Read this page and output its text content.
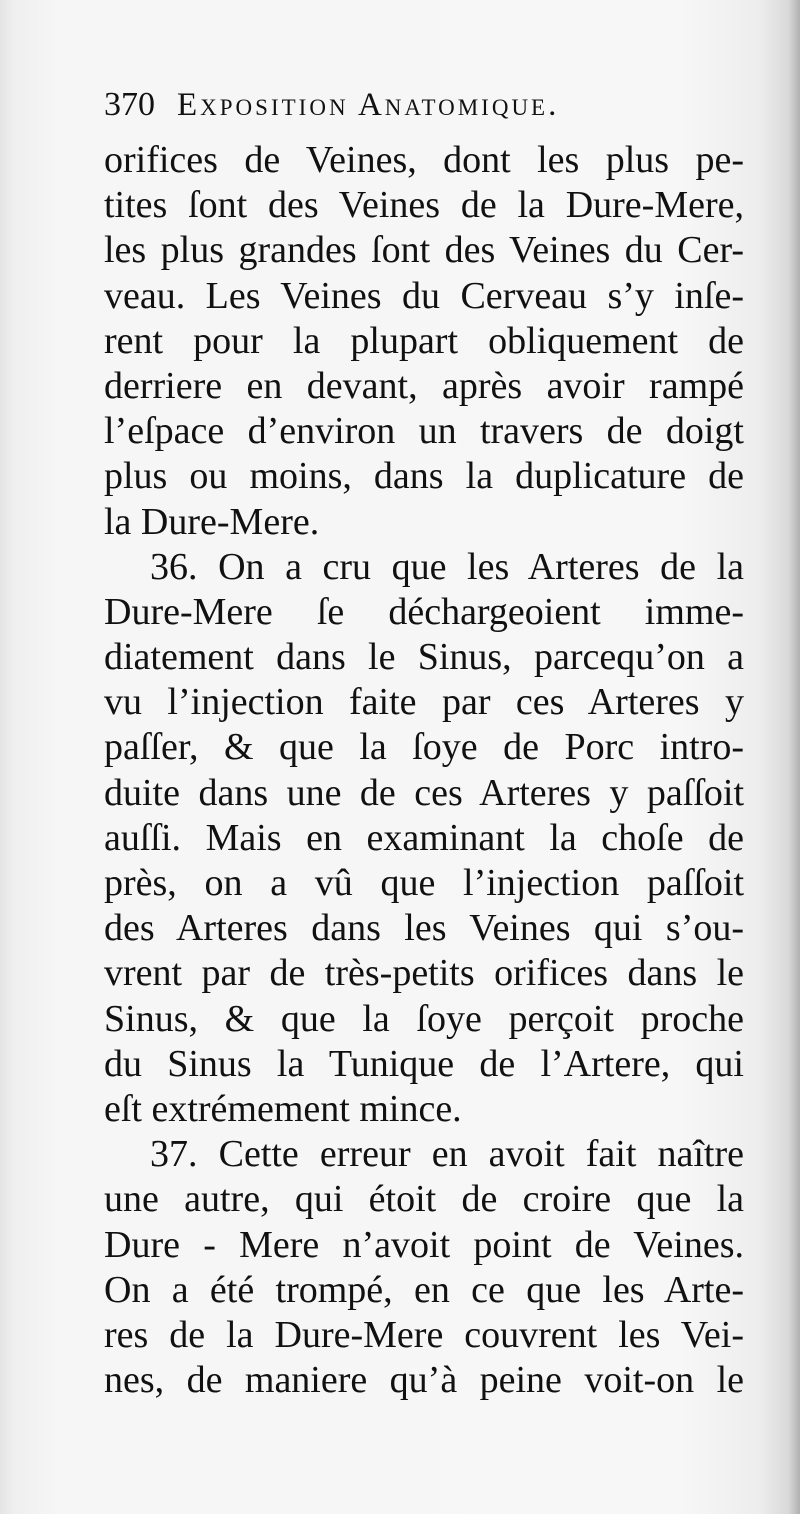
370 Exposition Anatomique.
orifices de Veines, dont les plus pe-
tites ſont des Veines de la Dure-Mere,
les plus grandes ſont des Veines du Cer-
veau. Les Veines du Cerveau s’y inſe-
rent pour la plupart obliquement de
derriere en devant, après avoir rampé
l’eſpace d’environ un travers de doigt
plus ou moins, dans la duplicature de
la Dure-Mere.
36. On a cru que les Arteres de la
Dure-Mere ſe déchargeoient imme-
diatement dans le Sinus, parcequ’on a
vu l’injection faite par ces Arteres y
paſſer, & que la ſoye de Porc intro-
duite dans une de ces Arteres y paſſoit
auſſi. Mais en examinant la choſe de
près, on a vû que l’injection paſſoit
des Arteres dans les Veines qui s’ou-
vrent par de très-petits orifices dans le
Sinus, & que la ſoye perçoit proche
du Sinus la Tunique de l’Artere, qui
eſt extrémement mince.
37. Cette erreur en avoit fait naître
une autre, qui étoit de croire que la
Dure - Mere n’avoit point de Veines.
On a été trompé, en ce que les Arte-
res de la Dure-Mere couvrent les Vei-
nes, de maniere qu’à peine voit-on le
